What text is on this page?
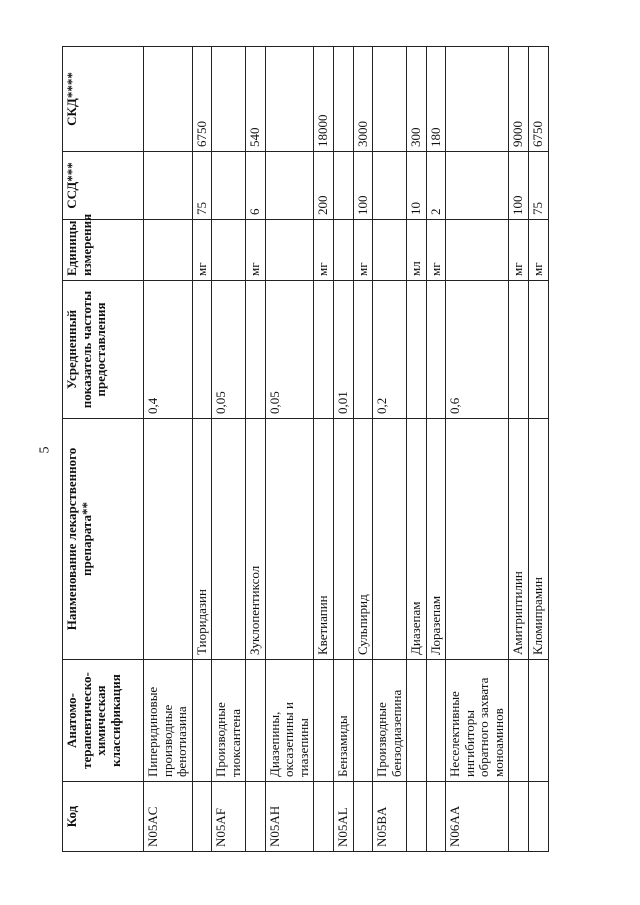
5
Код	Анатомо-терапевтическо-химическая классификация	Наименование лекарственного препарата**	Усредненный показатель частоты предоставления	Единицы измерения	ССД***	СКД****
N05AC	Пиперидиновые производные фенотиазина		0,4			
		Тиоридазин		мг	75	6750
N05AF	Производные тиоксантена		0,05			
		Зуклопентиксол		мг	6	540
N05AH	Диазепины, оксазепины и тиазепины		0,05			
		Кветиапин		мг	200	18000
N05AL	Бензамиды		0,01			
		Сульпирид		мг	100	3000
N05BA	Производные бензодиазепина		0,2			
		Диазепам		мл	10	300
		Лоразепам		мг	2	180
N06AA	Неселективные ингибиторы обратного захвата моноаминов		0,6			
		Амитриптилин		мг	100	9000
		Кломипрамин		мг	75	6750
